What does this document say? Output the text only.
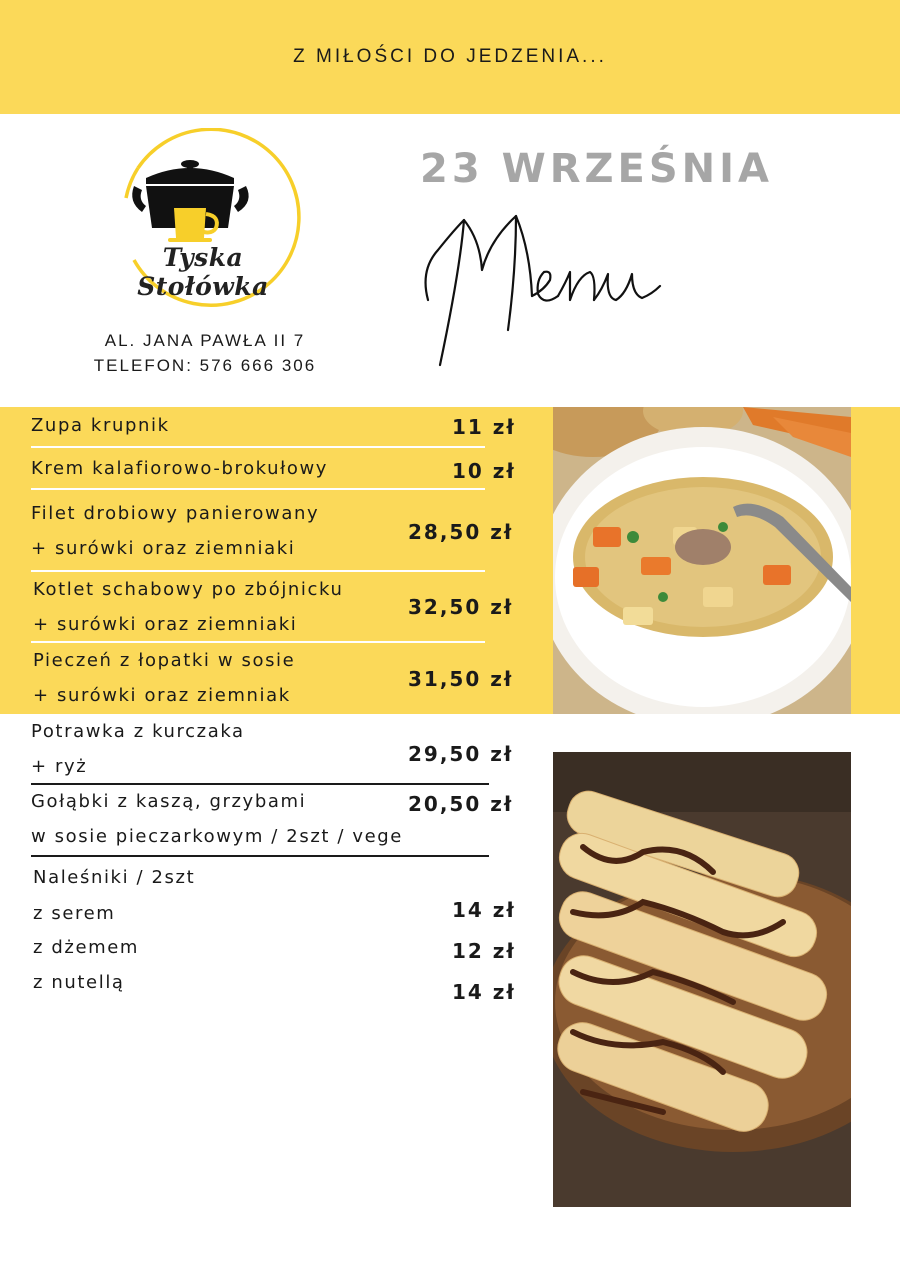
Z MIŁOŚCI DO JEDZENIA...
Tyska Stołówka
AL. JANA PAWŁA II 7
TELEFON: 576 666 306
23 WRZEŚNIA
Zupa krupnik	11 zł
Krem kalafiorowo-brokułowy	10 zł
Filet drobiowy panierowany
+ surówki oraz ziemniaki
28,50 zł
Kotlet schabowy po zbójnicku
+ surówki oraz ziemniaki
32,50 zł
Pieczeń z łopatki w sosie
+ surówki oraz ziemniak
31,50 zł
Potrawka z kurczaka
+ ryż
29,50 zł
Gołąbki z kaszą, grzybami
w sosie pieczarkowym / 2szt / vege
20,50 zł
Naleśniki / 2szt
z serem	14 zł
z dżemem	12 zł
z nutellą	14 zł
